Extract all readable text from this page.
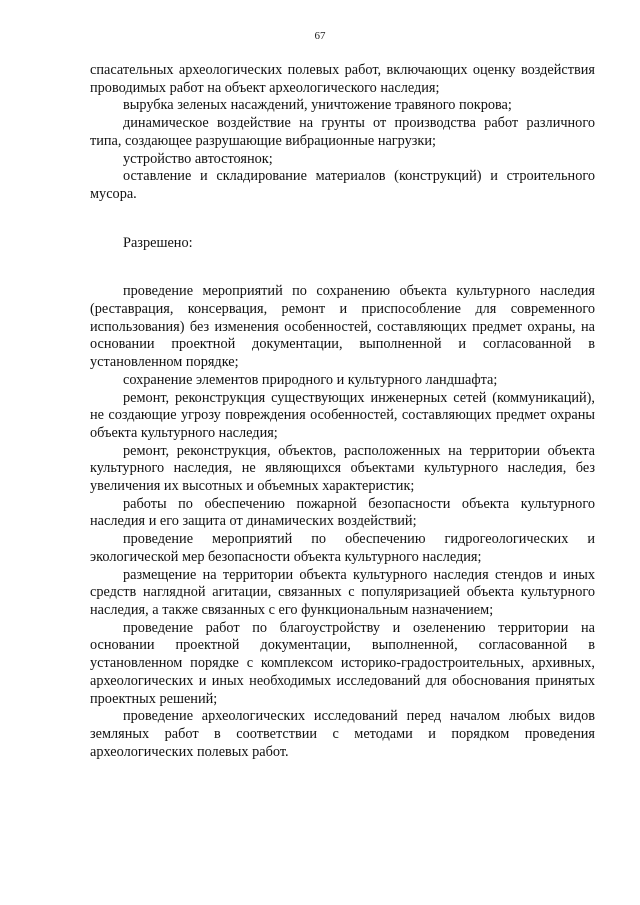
67

спасательных археологических полевых работ, включающих оценку воздействия проводимых работ на объект археологического наследия;

вырубка зеленых насаждений, уничтожение травяного покрова;

динамическое воздействие на грунты от производства работ различного типа, создающее разрушающие вибрационные нагрузки;

устройство автостоянок;

оставление и складирование материалов (конструкций) и строительного мусора.

Разрешено:

проведение мероприятий по сохранению объекта культурного наследия (реставрация, консервация, ремонт и приспособление для современного использования) без изменения особенностей, составляющих предмет охраны, на основании проектной документации, выполненной и согласованной в установленном порядке;

сохранение элементов природного и культурного ландшафта;

ремонт, реконструкция существующих инженерных сетей (коммуникаций), не создающие угрозу повреждения особенностей, составляющих предмет охраны объекта культурного наследия;

ремонт, реконструкция, объектов, расположенных на территории объекта культурного наследия, не являющихся объектами культурного наследия, без увеличения их высотных и объемных характеристик;

работы по обеспечению пожарной безопасности объекта культурного наследия и его защита от динамических воздействий;

проведение мероприятий по обеспечению гидрогеологических и экологической мер безопасности объекта культурного наследия;

размещение на территории объекта культурного наследия стендов и иных средств наглядной агитации, связанных с популяризацией объекта культурного наследия, а также связанных с его функциональным назначением;

проведение работ по благоустройству и озеленению территории на основании проектной документации, выполненной, согласованной в установленном порядке с комплексом историко-градостроительных, архивных, археологических и иных необходимых исследований для обоснования принятых проектных решений;

проведение археологических исследований перед началом любых видов земляных работ в соответствии с методами и порядком проведения археологических полевых работ.
